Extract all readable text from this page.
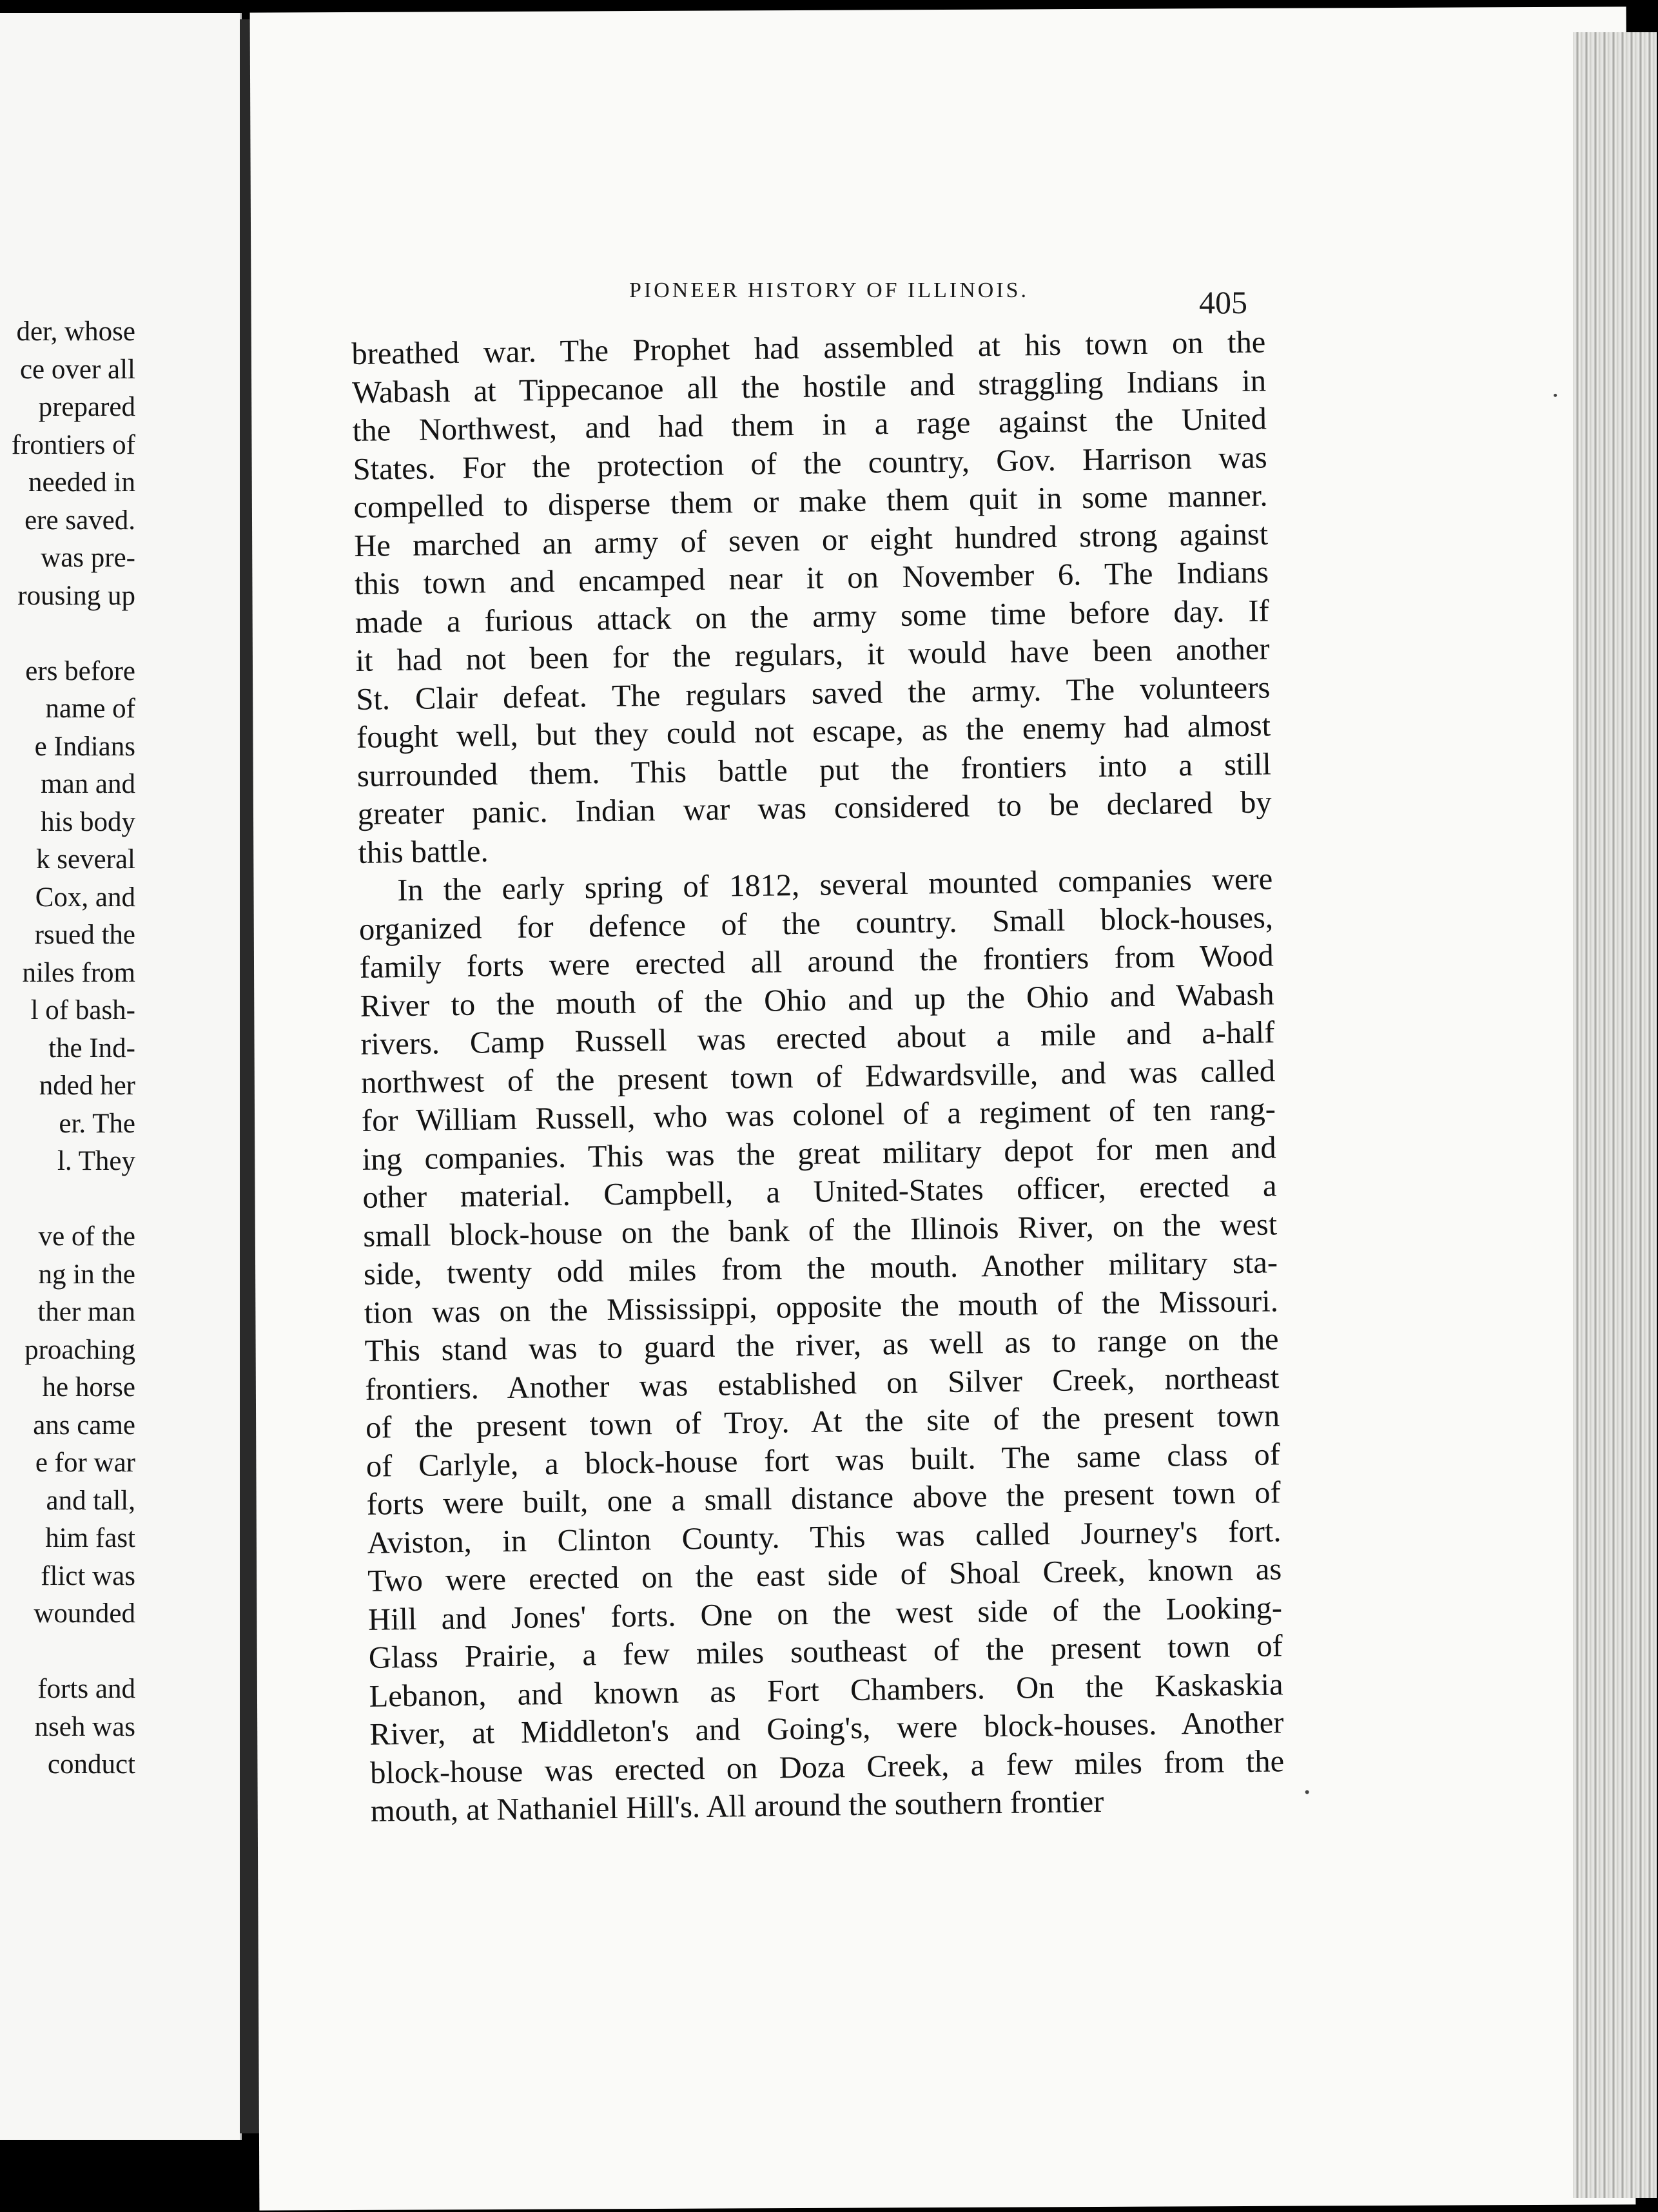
der, whose
ce over all
prepared
frontiers of
needed in
ere saved.
was pre-
rousing up
ers before
name of
e Indians
man and
his body
k several
Cox, and
rsued the
niles from
l of bash-
the Ind-
nded her
er. The
l. They
ve of the
ng in the
ther man
proaching
he horse
ans came
e for war
and tall,
him fast
flict was
wounded
forts and
nseh was
conduct
PIONEER HISTORY OF ILLINOIS.	405
breathed war. The Prophet had assembled at his town on the
Wabash at Tippecanoe all the hostile and straggling Indians in
the Northwest, and had them in a rage against the United
States. For the protection of the country, Gov. Harrison was
compelled to disperse them or make them quit in some manner.
He marched an army of seven or eight hundred strong against
this town and encamped near it on November 6. The Indians
made a furious attack on the army some time before day. If
it had not been for the regulars, it would have been another
St. Clair defeat. The regulars saved the army. The volunteers
fought well, but they could not escape, as the enemy had almost
surrounded them. This battle put the frontiers into a still
greater panic. Indian war was considered to be declared by
this battle.
In the early spring of 1812, several mounted companies were
organized for defence of the country. Small block-houses,
family forts were erected all around the frontiers from Wood
River to the mouth of the Ohio and up the Ohio and Wabash
rivers. Camp Russell was erected about a mile and a-half
northwest of the present town of Edwardsville, and was called
for William Russell, who was colonel of a regiment of ten rang-
ing companies. This was the great military depot for men and
other material. Campbell, a United-States officer, erected a
small block-house on the bank of the Illinois River, on the west
side, twenty odd miles from the mouth. Another military sta-
tion was on the Mississippi, opposite the mouth of the Missouri.
This stand was to guard the river, as well as to range on the
frontiers. Another was established on Silver Creek, northeast
of the present town of Troy. At the site of the present town
of Carlyle, a block-house fort was built. The same class of
forts were built, one a small distance above the present town of
Aviston, in Clinton County. This was called Journey's fort.
Two were erected on the east side of Shoal Creek, known as
Hill and Jones' forts. One on the west side of the Looking-
Glass Prairie, a few miles southeast of the present town of
Lebanon, and known as Fort Chambers. On the Kaskaskia
River, at Middleton's and Going's, were block-houses. Another
block-house was erected on Doza Creek, a few miles from the
mouth, at Nathaniel Hill's. All around the southern frontier
